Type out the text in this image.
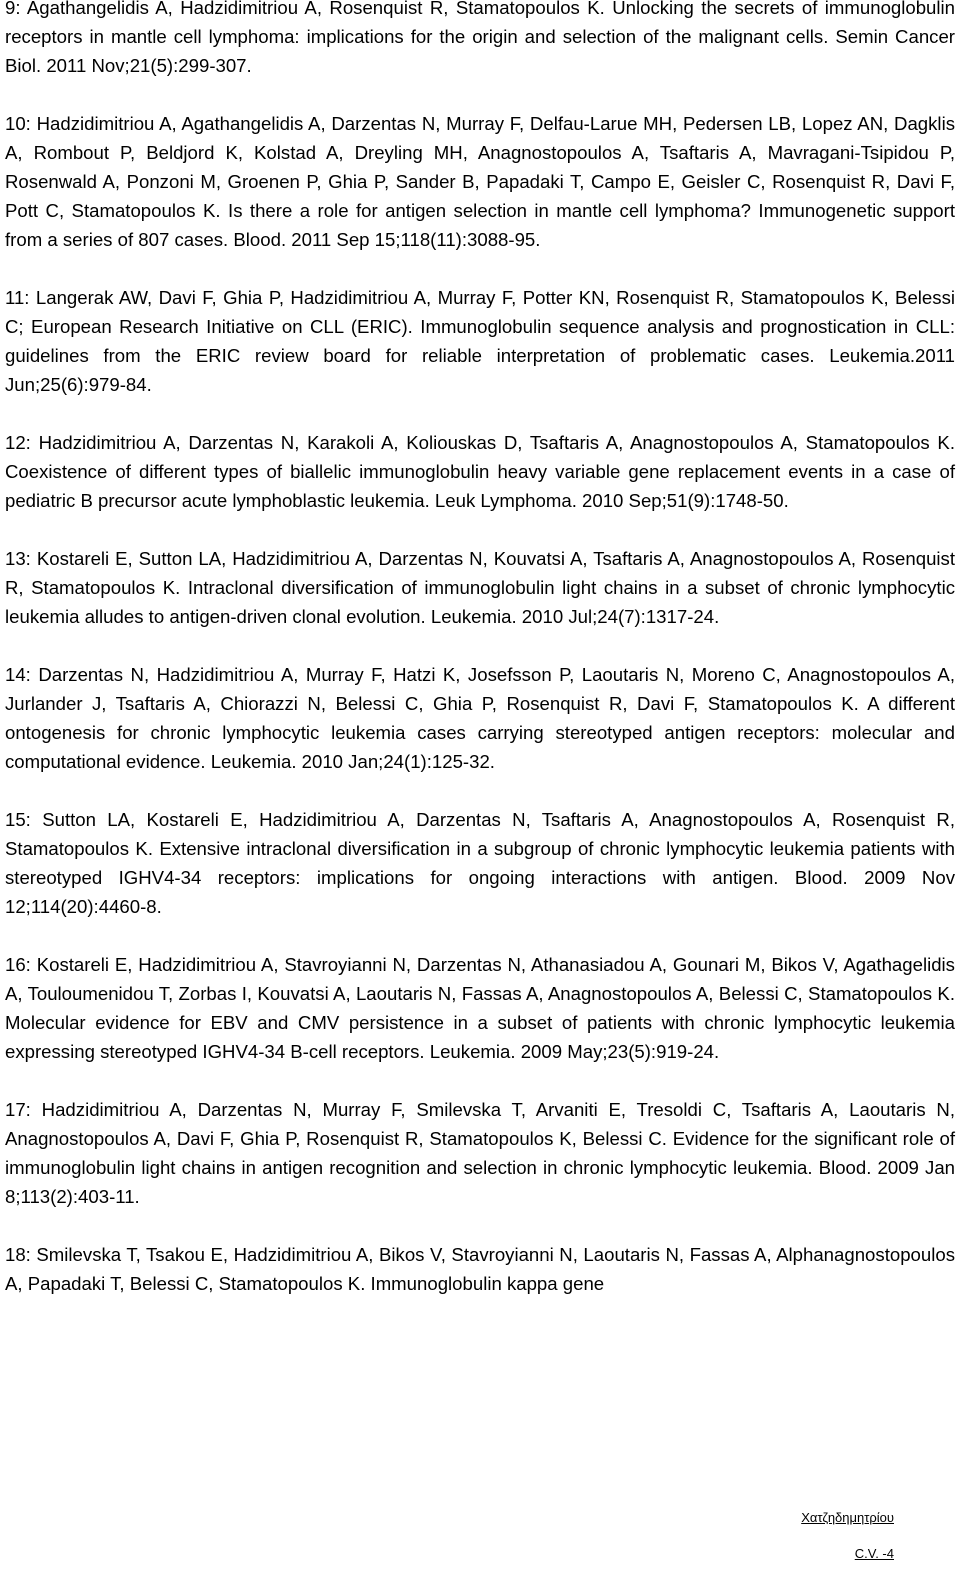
9: Agathangelidis A, Hadzidimitriou A, Rosenquist R, Stamatopoulos K. Unlocking the secrets of immunoglobulin receptors in mantle cell lymphoma: implications for the origin and selection of the malignant cells. Semin Cancer Biol. 2011 Nov;21(5):299-307.

10: Hadzidimitriou A, Agathangelidis A, Darzentas N, Murray F, Delfau-Larue MH, Pedersen LB, Lopez AN, Dagklis A, Rombout P, Beldjord K, Kolstad A, Dreyling MH, Anagnostopoulos A, Tsaftaris A, Mavragani-Tsipidou P, Rosenwald A, Ponzoni M, Groenen P, Ghia P, Sander B, Papadaki T, Campo E, Geisler C, Rosenquist R, Davi F, Pott C, Stamatopoulos K. Is there a role for antigen selection in mantle cell lymphoma? Immunogenetic support from a series of 807 cases. Blood. 2011 Sep 15;118(11):3088-95.

11: Langerak AW, Davi F, Ghia P, Hadzidimitriou A, Murray F, Potter KN, Rosenquist R, Stamatopoulos K, Belessi C; European Research Initiative on CLL (ERIC). Immunoglobulin sequence analysis and prognostication in CLL: guidelines from the ERIC review board for reliable interpretation of problematic cases. Leukemia.2011 Jun;25(6):979-84.

12: Hadzidimitriou A, Darzentas N, Karakoli A, Koliouskas D, Tsaftaris A, Anagnostopoulos A, Stamatopoulos K. Coexistence of different types of biallelic immunoglobulin heavy variable gene replacement events in a case of pediatric B precursor acute lymphoblastic leukemia. Leuk Lymphoma. 2010 Sep;51(9):1748-50.

13: Kostareli E, Sutton LA, Hadzidimitriou A, Darzentas N, Kouvatsi A, Tsaftaris A, Anagnostopoulos A, Rosenquist R, Stamatopoulos K. Intraclonal diversification of immunoglobulin light chains in a subset of chronic lymphocytic leukemia alludes to antigen-driven clonal evolution. Leukemia. 2010 Jul;24(7):1317-24.

14: Darzentas N, Hadzidimitriou A, Murray F, Hatzi K, Josefsson P, Laoutaris N, Moreno C, Anagnostopoulos A, Jurlander J, Tsaftaris A, Chiorazzi N, Belessi C, Ghia P, Rosenquist R, Davi F, Stamatopoulos K. A different ontogenesis for chronic lymphocytic leukemia cases carrying stereotyped antigen receptors: molecular and computational evidence. Leukemia. 2010 Jan;24(1):125-32.

15: Sutton LA, Kostareli E, Hadzidimitriou A, Darzentas N, Tsaftaris A, Anagnostopoulos A, Rosenquist R, Stamatopoulos K. Extensive intraclonal diversification in a subgroup of chronic lymphocytic leukemia patients with stereotyped IGHV4-34 receptors: implications for ongoing interactions with antigen. Blood. 2009 Nov 12;114(20):4460-8.

16: Kostareli E, Hadzidimitriou A, Stavroyianni N, Darzentas N, Athanasiadou A, Gounari M, Bikos V, Agathagelidis A, Touloumenidou T, Zorbas I, Kouvatsi A, Laoutaris N, Fassas A, Anagnostopoulos A, Belessi C, Stamatopoulos K. Molecular evidence for EBV and CMV persistence in a subset of patients with chronic lymphocytic leukemia expressing stereotyped IGHV4-34 B-cell receptors. Leukemia. 2009 May;23(5):919-24.

17: Hadzidimitriou A, Darzentas N, Murray F, Smilevska T, Arvaniti E, Tresoldi C, Tsaftaris A, Laoutaris N, Anagnostopoulos A, Davi F, Ghia P, Rosenquist R, Stamatopoulos K, Belessi C. Evidence for the significant role of immunoglobulin light chains in antigen recognition and selection in chronic lymphocytic leukemia. Blood. 2009 Jan 8;113(2):403-11.

18: Smilevska T, Tsakou E, Hadzidimitriou A, Bikos V, Stavroyianni N, Laoutaris N, Fassas A, Alphanagnostopoulos A, Papadaki T, Belessi C, Stamatopoulos K. Immunoglobulin kappa gene

Χατζηδημητρίου
C.V. -4
